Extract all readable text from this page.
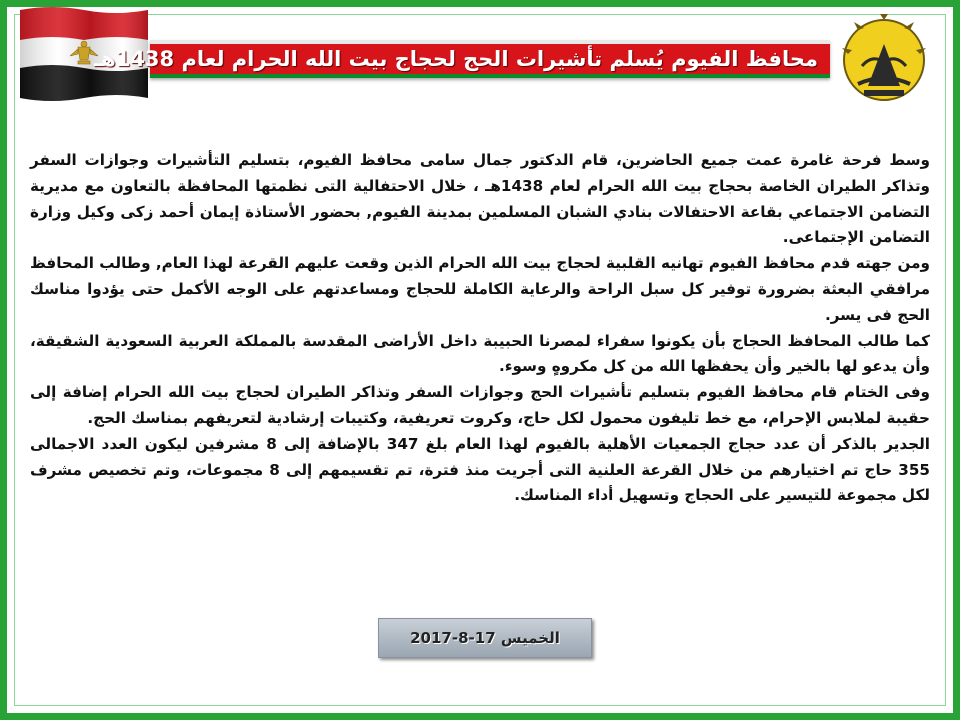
محافظ الفيوم يُسلم تأشيرات الحج لحجاج بيت الله الحرام لعام 1438هـ

وسط فرحة غامرة عمت جميع الحاضرين، قام الدكتور جمال سامى محافظ الفيوم، بتسليم التأشيرات وجوازات السفر وتذاكر الطيران الخاصة بحجاج بيت الله الحرام لعام 1438هـ ، خلال الاحتفالية التى نظمتها المحافظة بالتعاون مع مديرية التضامن الاجتماعي بقاعة الاحتفالات بنادي الشبان المسلمين بمدينة الفيوم, بحضور الأستاذة إيمان أحمد زكى وكيل وزارة التضامن الإجتماعى.

ومن جهته قدم محافظ الفيوم تهانيه القلبية لحجاج بيت الله الحرام الذين وقعت عليهم القرعة لهذا العام, وطالب المحافظ مرافقي البعثة بضرورة توفير كل سبل الراحة والرعاية الكاملة للحجاج ومساعدتهم على الوجه الأكمل حتى يؤدوا مناسك الحج فى يسر.

كما طالب المحافظ الحجاج بأن يكونوا سفراء لمصرنا الحبيبة داخل الأراضى المقدسة بالمملكة العربية السعودية الشقيقة، وأن يدعو لها بالخير وأن يحفظها الله من كل مكروهٍ وسوء.

وفى الختام قام محافظ الفيوم بتسليم تأشيرات الحج وجوازات السفر وتذاكر الطيران لحجاج بيت الله الحرام إضافة إلى حقيبة لملابس الإحرام، مع خط تليفون محمول لكل حاج، وكروت تعريفية، وكتيبات إرشادية لتعريفهم بمناسك الحج.

الجدير بالذكر أن عدد حجاج الجمعيات الأهلية بالفيوم لهذا العام بلغ 347 بالإضافة إلى 8 مشرفين ليكون العدد الاجمالى 355 حاج تم اختيارهم من خلال القرعة العلنية التى أجريت منذ فترة، تم تقسيمهم إلى 8 مجموعات، وتم تخصيص مشرف لكل مجموعة للتيسير على الحجاج وتسهيل أداء المناسك.

الخميس 17-8-2017
